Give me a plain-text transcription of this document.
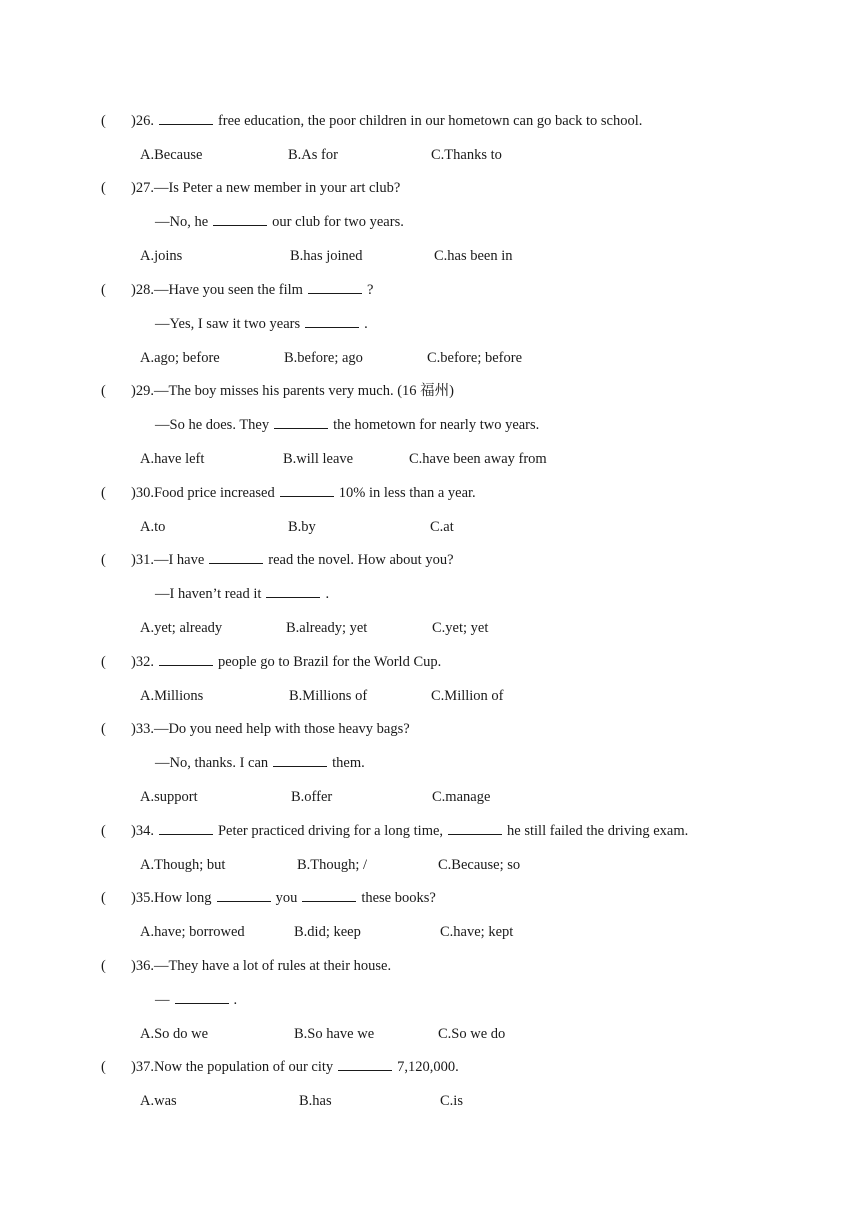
( )26.	free education, the poor children in our hometown can go back to school.
A.Because	B.As for	C.Thanks to
( )27.—Is Peter a new member in your art club?
—No, he	our club for two years.
A.joins	B.has joined	C.has been in
( )28.—Have you seen the film	?
—Yes, I saw it two years	.
A.ago; before	B.before; ago	C.before; before
( )29.—The boy misses his parents very much. (16 福州)
—So he does. They	the hometown for nearly two years.
A.have left	B.will leave	C.have been away from
( )30.Food price increased	10% in less than a year.
A.to	B.by	C.at
( )31.—I have	read the novel. How about you?
—I haven’t read it	.
A.yet; already	B.already; yet	C.yet; yet
( )32.	people go to Brazil for the World Cup.
A.Millions	B.Millions of	C.Million of
( )33.—Do you need help with those heavy bags?
—No, thanks. I can	them.
A.support	B.offer	C.manage
( )34.	Peter practiced driving for a long time,	he still failed the driving exam.
A.Though; but	B.Though; /	C.Because; so
( )35.How long	you	these books?
A.have; borrowed	B.did; keep	C.have; kept
( )36.—They have a lot of rules at their house.
—	.
A.So do we	B.So have we	C.So we do
( )37.Now the population of our city	7,120,000.
A.was	B.has	C.is
